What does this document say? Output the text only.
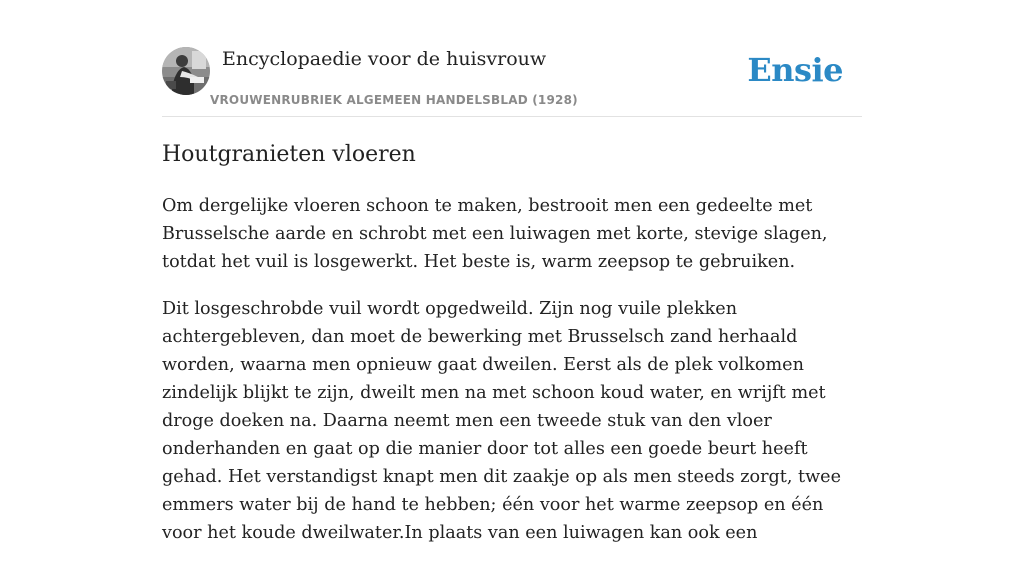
Encyclopaedie voor de huisvrouw
VROUWENRUBRIEK ALGEMEEN HANDELSBLAD (1928)
Ensie
Houtgranieten vloeren

Om dergelijke vloeren schoon te maken, bestrooit men een gedeelte met Brusselsche aarde en schrobt met een luiwagen met korte, stevige slagen, totdat het vuil is losgewerkt. Het beste is, warm zeepsop te gebruiken.

Dit losgeschrobde vuil wordt opgedweild. Zijn nog vuile plekken achtergebleven, dan moet de bewerking met Brusselsch zand herhaald worden, waarna men opnieuw gaat dweilen. Eerst als de plek volkomen zindelijk blijkt te zijn, dweilt men na met schoon koud water, en wrijft met droge doeken na. Daarna neemt men een tweede stuk van den vloer onderhanden en gaat op die manier door tot alles een goede beurt heeft gehad. Het verstandigst knapt men dit zaakje op als men steeds zorgt, twee emmers water bij de hand te hebben; één voor het warme zeepsop en één voor het koude dweilwater.In plaats van een luiwagen kan ook een
